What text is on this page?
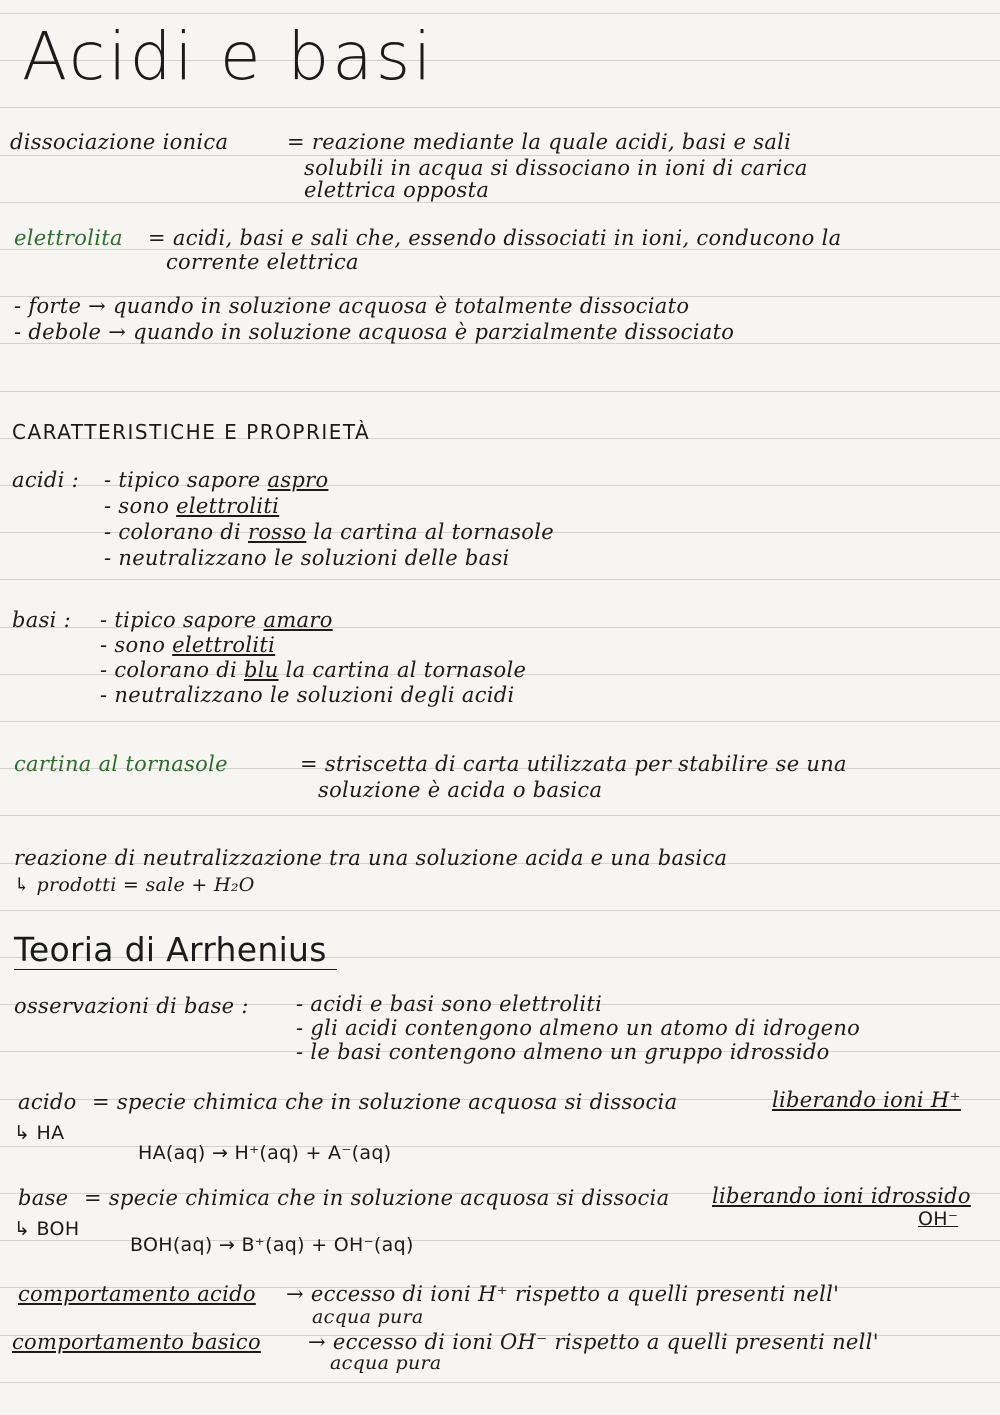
Acidi e basi
dissociazione ionica	= reazione mediante la quale acidi, basi e sali
solubili in acqua si dissociano in ioni di carica
elettrica opposta
elettrolita = acidi, basi e sali che, essendo dissociati in ioni, conducono la
corrente elettrica
- forte → quando in soluzione acquosa è totalmente dissociato
- debole → quando in soluzione acquosa è parzialmente dissociato
CARATTERISTICHE E PROPRIETÀ
acidi : - tipico sapore aspro
- sono elettroliti
- colorano di rosso la cartina al tornasole
- neutralizzano le soluzioni delle basi
basi : - tipico sapore amaro
- sono elettroliti
- colorano di blu la cartina al tornasole
- neutralizzano le soluzioni degli acidi
cartina al tornasole	= striscetta di carta utilizzata per stabilire se una
soluzione è acida o basica
reazione di neutralizzazione tra una soluzione acida e una basica
↳ prodotti = sale + H₂O
Teoria di Arrhenius
osservazioni di base : - acidi e basi sono elettroliti
- gli acidi contengono almeno un atomo di idrogeno
- le basi contengono almeno un gruppo idrossido
acido = specie chimica che in soluzione acquosa si dissocia	liberando ioni H⁺
↳ HA
HA(aq) → H⁺(aq) + A⁻(aq)
base = specie chimica che in soluzione acquosa si dissocia liberando ioni idrossido
OH⁻
↳ BOH
BOH(aq) → B⁺(aq) + OH⁻(aq)
comportamento acido → eccesso di ioni H⁺ rispetto a quelli presenti nell'
acqua pura
comportamento basico → eccesso di ioni OH⁻ rispetto a quelli presenti nell'
acqua pura
